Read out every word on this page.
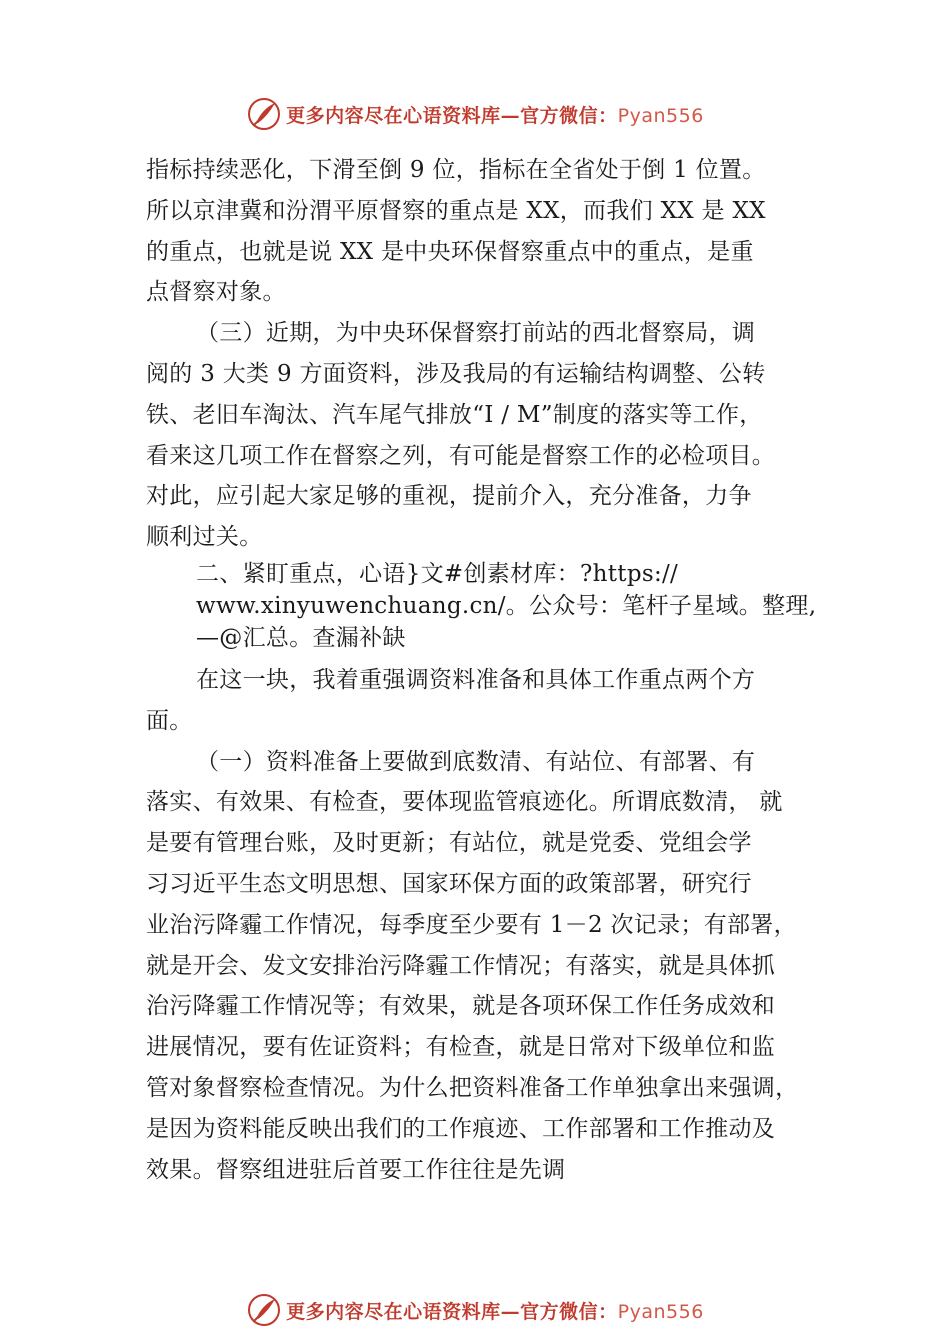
更多内容尽在心语资料库—官方微信：Pyan556
指标持续恶化，下滑至倒 9 位，指标在全省处于倒 1 位置。
所以京津冀和汾渭平原督察的重点是 XX，而我们 XX 是 XX
的重点，也就是说 XX 是中央环保督察重点中的重点，是重
点督察对象。
（三）近期，为中央环保督察打前站的西北督察局，调
阅的 3 大类 9 方面资料，涉及我局的有运输结构调整、公转
铁、老旧车淘汰、汽车尾气排放“I / M”制度的落实等工作，
看来这几项工作在督察之列，有可能是督察工作的必检项目。
对此，应引起大家足够的重视，提前介入，充分准备，力争
顺利过关。
二、紧盯重点，心语}文#创素材库：?https://
www.xinyuwenchuang.cn/。公众号：笔杆子星域。整理,
—@汇总。查漏补缺
在这一块，我着重强调资料准备和具体工作重点两个方
面。
（一）资料准备上要做到底数清、有站位、有部署、有
落实、有效果、有检查，要体现监管痕迹化。所谓底数清， 就
是要有管理台账，及时更新；有站位，就是党委、党组会学
习习近平生态文明思想、国家环保方面的政策部署，研究行
业治污降霾工作情况，每季度至少要有 1－2 次记录；有部署，
就是开会、发文安排治污降霾工作情况；有落实，就是具体抓
治污降霾工作情况等；有效果，就是各项环保工作任务成效和
进展情况，要有佐证资料；有检查，就是日常对下级单位和监
管对象督察检查情况。为什么把资料准备工作单独拿出来强调，
是因为资料能反映出我们的工作痕迹、工作部署和工作推动及
效果。督察组进驻后首要工作往往是先调
更多内容尽在心语资料库—官方微信：Pyan556
